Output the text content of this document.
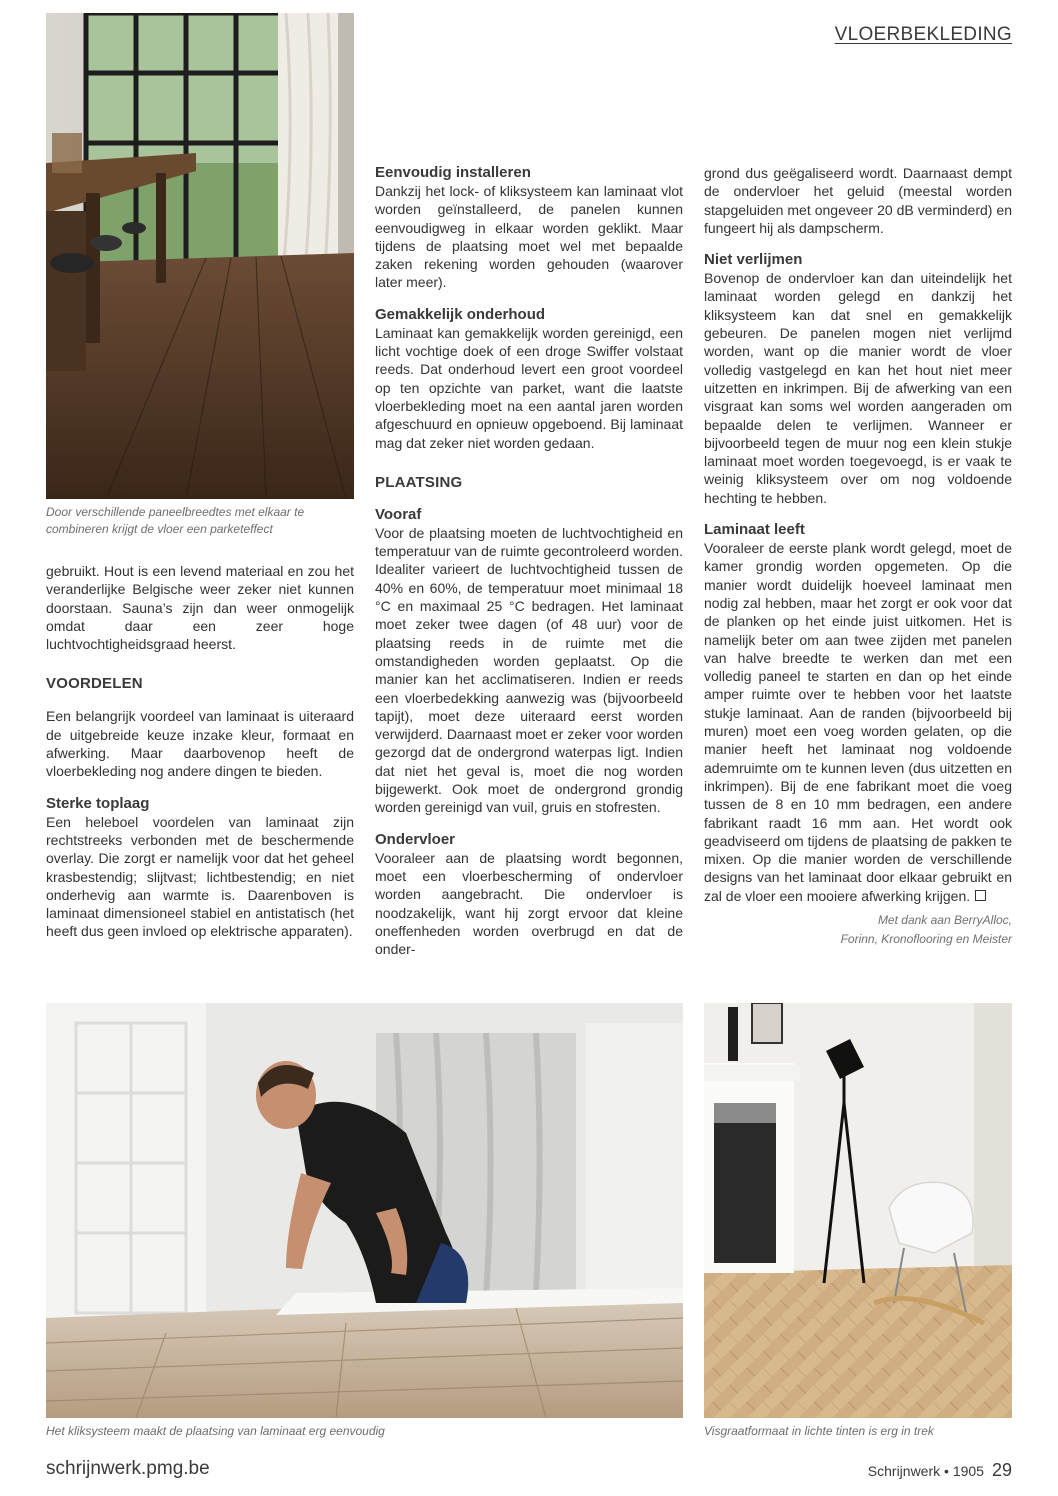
VLOERBEKLEDING
Door verschillende paneelbreedtes met elkaar te combineren krijgt de vloer een parketeffect

gebruikt. Hout is een levend materiaal en zou het veranderlijke Belgische weer zeker niet kunnen doorstaan. Sauna’s zijn dan weer onmogelijk omdat daar een zeer hoge luchtvochtigheidsgraad heerst.

VOORDELEN

Een belangrijk voordeel van laminaat is uiteraard de uitgebreide keuze inzake kleur, formaat en afwerking. Maar daarbovenop heeft de vloerbekleding nog andere dingen te bieden.

Sterke toplaag

Een heleboel voordelen van laminaat zijn rechtstreeks verbonden met de beschermende overlay. Die zorgt er namelijk voor dat het geheel krasbestendig; slijtvast; lichtbestendig; en niet onderhevig aan warmte is. Daarenboven is laminaat dimensioneel stabiel en antistatisch (het heeft dus geen invloed op elektrische apparaten).

Eenvoudig installeren

Dankzij het lock- of kliksysteem kan laminaat vlot worden geïnstalleerd, de panelen kunnen eenvoudigweg in elkaar worden geklikt. Maar tijdens de plaatsing moet wel met bepaalde zaken rekening worden gehouden (waarover later meer).

Gemakkelijk onderhoud

Laminaat kan gemakkelijk worden gereinigd, een licht vochtige doek of een droge Swiffer volstaat reeds. Dat onderhoud levert een groot voordeel op ten opzichte van parket, want die laatste vloerbekleding moet na een aantal jaren worden afgeschuurd en opnieuw opgeboend. Bij laminaat mag dat zeker niet worden gedaan.

PLAATSING
Vooraf

Voor de plaatsing moeten de luchtvochtigheid en temperatuur van de ruimte gecontroleerd worden. Idealiter varieert de luchtvochtigheid tussen de 40% en 60%, de temperatuur moet minimaal 18 °C en maximaal 25 °C bedragen. Het laminaat moet zeker twee dagen (of 48 uur) voor de plaatsing reeds in de ruimte met die omstandigheden worden geplaatst. Op die manier kan het acclimatiseren. Indien er reeds een vloerbedekking aanwezig was (bijvoorbeeld tapijt), moet deze uiteraard eerst worden verwijderd. Daarnaast moet er zeker voor worden gezorgd dat de ondergrond waterpas ligt. Indien dat niet het geval is, moet die nog worden bijgewerkt. Ook moet de ondergrond grondig worden gereinigd van vuil, gruis en stofresten.

Ondervloer

Vooraleer aan de plaatsing wordt begonnen, moet een vloerbescherming of ondervloer worden aangebracht. Die ondervloer is noodzakelijk, want hij zorgt ervoor dat kleine oneffenheden worden overbrugd en dat de onder-

grond dus geëgaliseerd wordt. Daarnaast dempt de ondervloer het geluid (meestal worden stapgeluiden met ongeveer 20 dB verminderd) en fungeert hij als dampscherm.

Niet verlijmen

Bovenop de ondervloer kan dan uiteindelijk het laminaat worden gelegd en dankzij het kliksysteem kan dat snel en gemakkelijk gebeuren. De panelen mogen niet verlijmd worden, want op die manier wordt de vloer volledig vastgelegd en kan het hout niet meer uitzetten en inkrimpen. Bij de afwerking van een visgraat kan soms wel worden aangeraden om bepaalde delen te verlijmen. Wanneer er bijvoorbeeld tegen de muur nog een klein stukje laminaat moet worden toegevoegd, is er vaak te weinig kliksysteem over om nog voldoende hechting te hebben.

Laminaat leeft

Vooraleer de eerste plank wordt gelegd, moet de kamer grondig worden opgemeten. Op die manier wordt duidelijk hoeveel laminaat men nodig zal hebben, maar het zorgt er ook voor dat de planken op het einde juist uitkomen. Het is namelijk beter om aan twee zijden met panelen van halve breedte te werken dan met een volledig paneel te starten en dan op het einde amper ruimte over te hebben voor het laatste stukje laminaat. Aan de randen (bijvoorbeeld bij muren) moet een voeg worden gelaten, op die manier heeft het laminaat nog voldoende ademruimte om te kunnen leven (dus uitzetten en inkrimpen). Bij de ene fabrikant moet die voeg tussen de 8 en 10 mm bedragen, een andere fabrikant raadt 16 mm aan. Het wordt ook geadviseerd om tijdens de plaatsing de pakken te mixen. Op die manier worden de verschillende designs van het laminaat door elkaar gebruikt en zal de vloer een mooiere afwerking krijgen.

Met dank aan BerryAlloc,
Forinn, Kronoflooring en Meister
Het kliksysteem maakt de plaatsing van laminaat erg eenvoudig	Visgraatformaat in lichte tinten is erg in trek
schrijnwerk.pmg.be	Schrijnwerk • 1905 29
